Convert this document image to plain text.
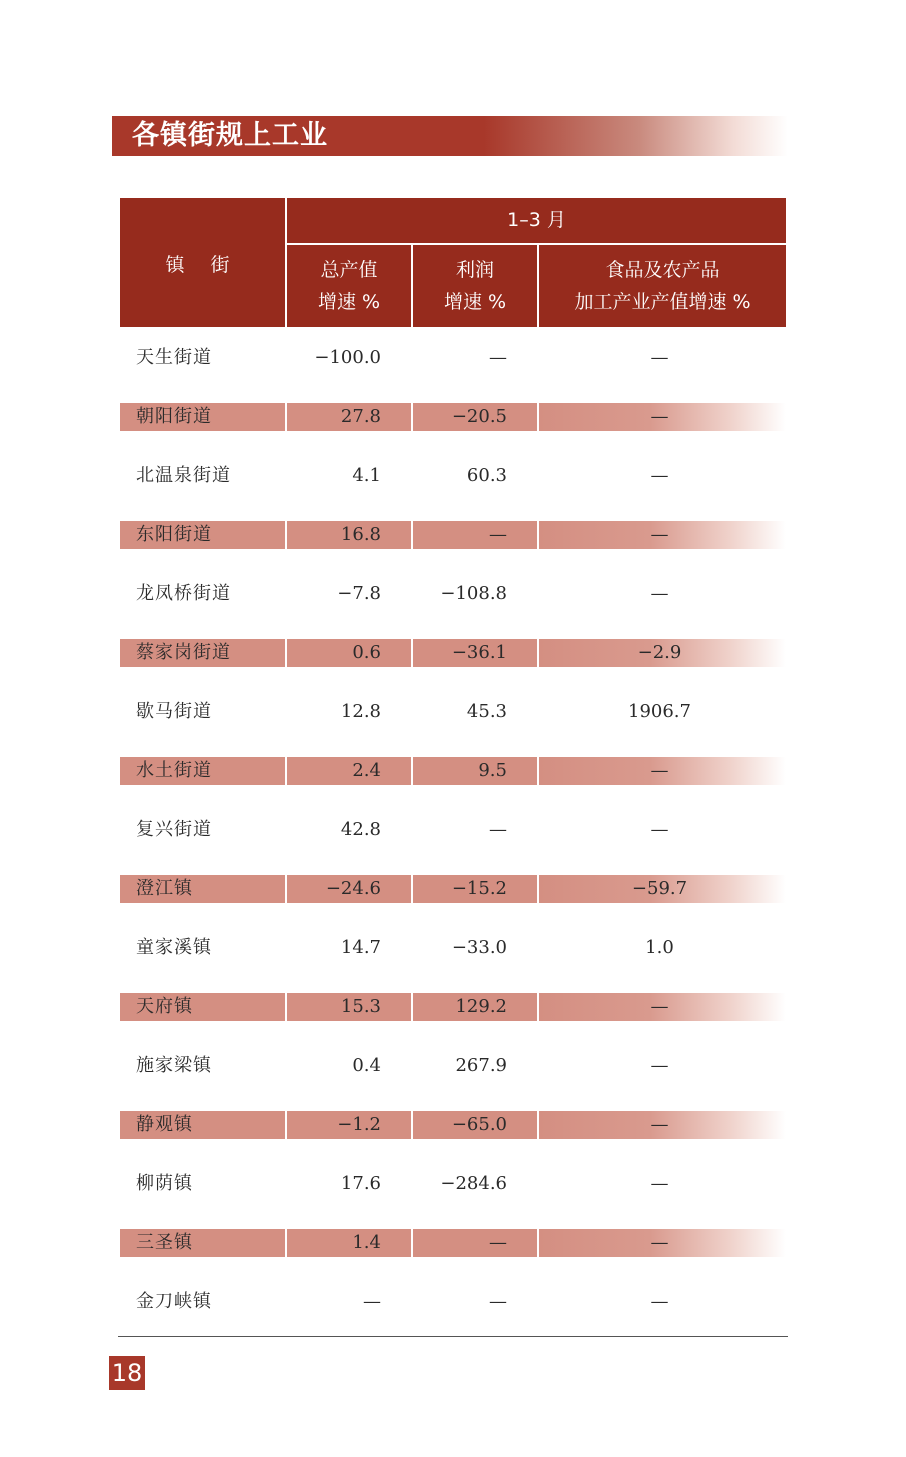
各镇街规上工业
镇 街
1–3 月
总产值
增速 %
利润
增速 %
食品及农产品
加工产业产值增速 %
天生街道	−100.0	—	—
朝阳街道	27.8	−20.5	—
北温泉街道	4.1	60.3	—
东阳街道	16.8	—	—
龙凤桥街道	−7.8	−108.8	—
蔡家岗街道	0.6	−36.1	−2.9
歇马街道	12.8	45.3	1906.7
水土街道	2.4	9.5	—
复兴街道	42.8	—	—
澄江镇	−24.6	−15.2	−59.7
童家溪镇	14.7	−33.0	1.0
天府镇	15.3	129.2	—
施家梁镇	0.4	267.9	—
静观镇	−1.2	−65.0	—
柳荫镇	17.6	−284.6	—
三圣镇	1.4	—	—
金刀峡镇	—	—	—
18
